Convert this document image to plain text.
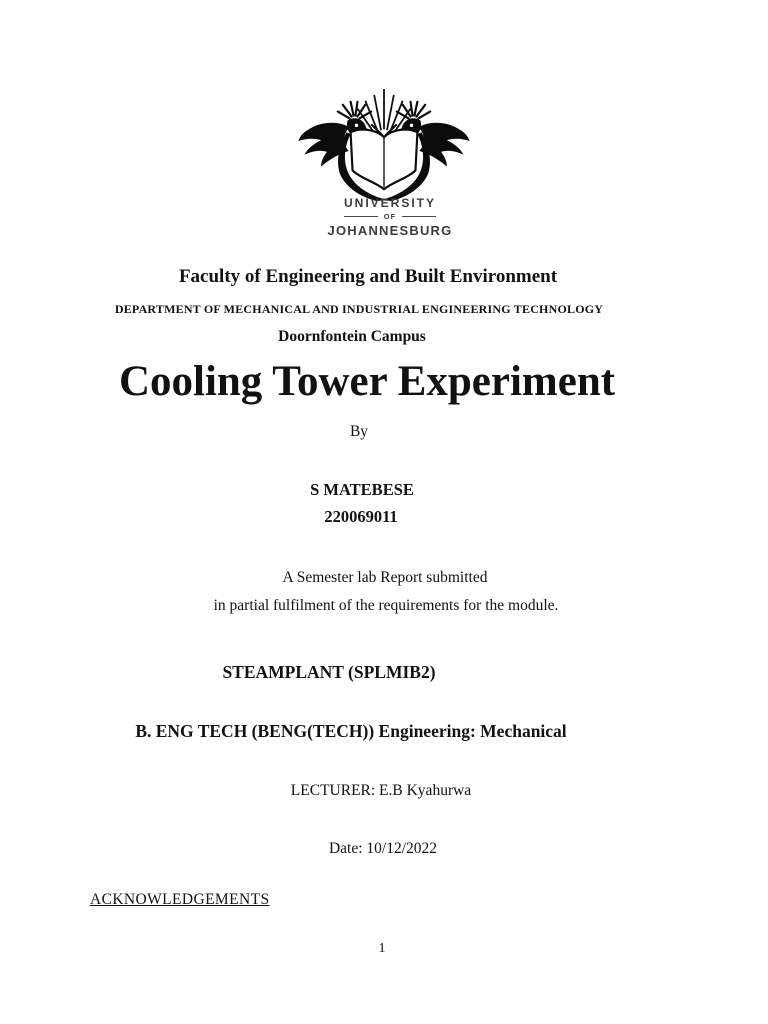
UNIVERSITY
OF
JOHANNESBURG
Faculty of Engineering and Built Environment
DEPARTMENT OF MECHANICAL AND INDUSTRIAL ENGINEERING TECHNOLOGY
Doornfontein Campus
Cooling Tower Experiment
By
S MATEBESE
220069011
A Semester lab Report submitted
in partial fulfilment of the requirements for the module.
STEAMPLANT (SPLMIB2)
B. ENG TECH (BENG(TECH)) Engineering: Mechanical
LECTURER: E.B Kyahurwa
Date: 10/12/2022
ACKNOWLEDGEMENTS
1
